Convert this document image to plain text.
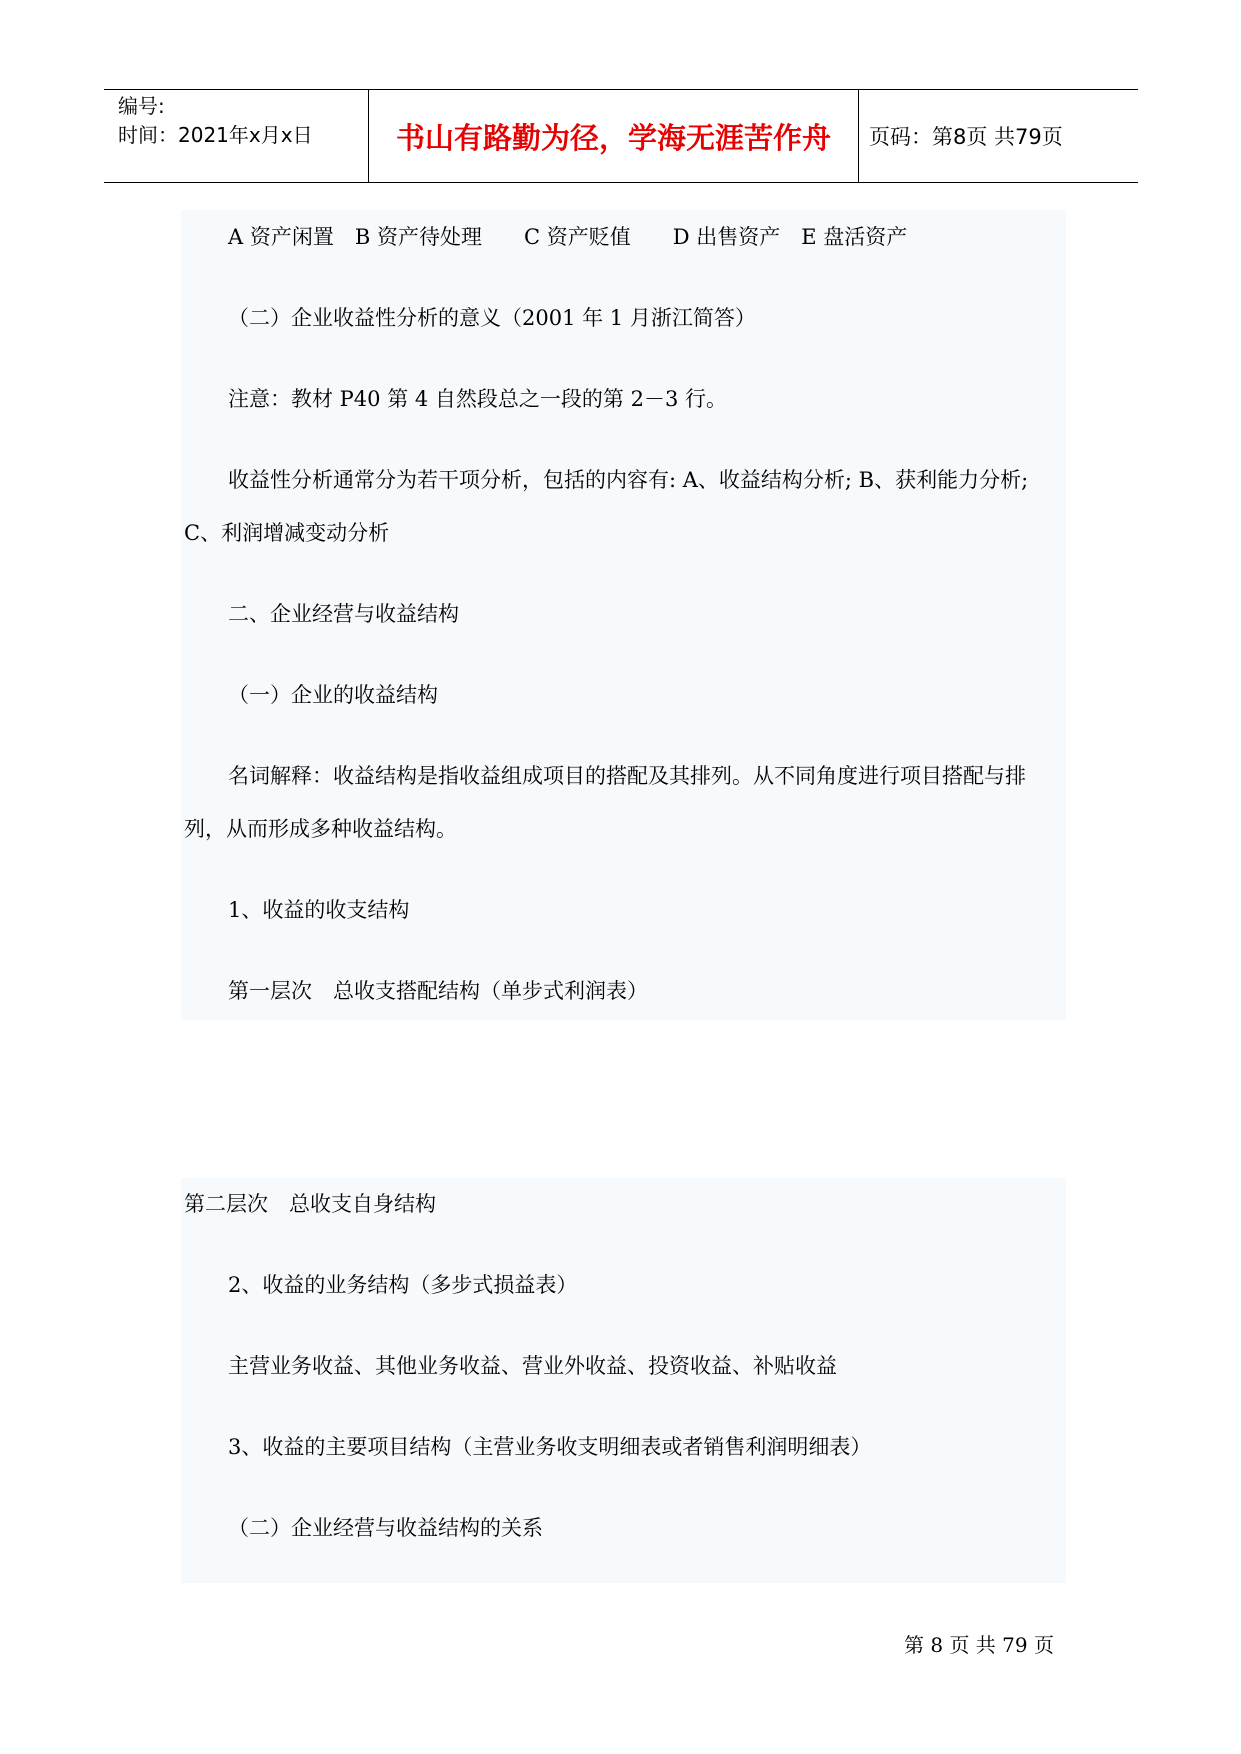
编号:
时间：2021年x月x日	书山有路勤为径，学海无涯苦作舟 页码：第8页 共79页
A 资产闲置　B 资产待处理　　C 资产贬值　　D 出售资产　E 盘活资产
（二）企业收益性分析的意义（2001 年 1 月浙江简答）
注意：教材 P40 第 4 自然段总之一段的第 2－3 行。
收益性分析通常分为若干项分析，包括的内容有: A、收益结构分析; B、获利能力分析;
C、利润增减变动分析
二、企业经营与收益结构
（一）企业的收益结构
名词解释：收益结构是指收益组成项目的搭配及其排列。从不同角度进行项目搭配与排
列，从而形成多种收益结构。
1、收益的收支结构
第一层次　总收支搭配结构（单步式利润表）
第二层次　总收支自身结构
2、收益的业务结构（多步式损益表）
主营业务收益、其他业务收益、营业外收益、投资收益、补贴收益
3、收益的主要项目结构（主营业务收支明细表或者销售利润明细表）
（二）企业经营与收益结构的关系
第 8 页 共 79 页
